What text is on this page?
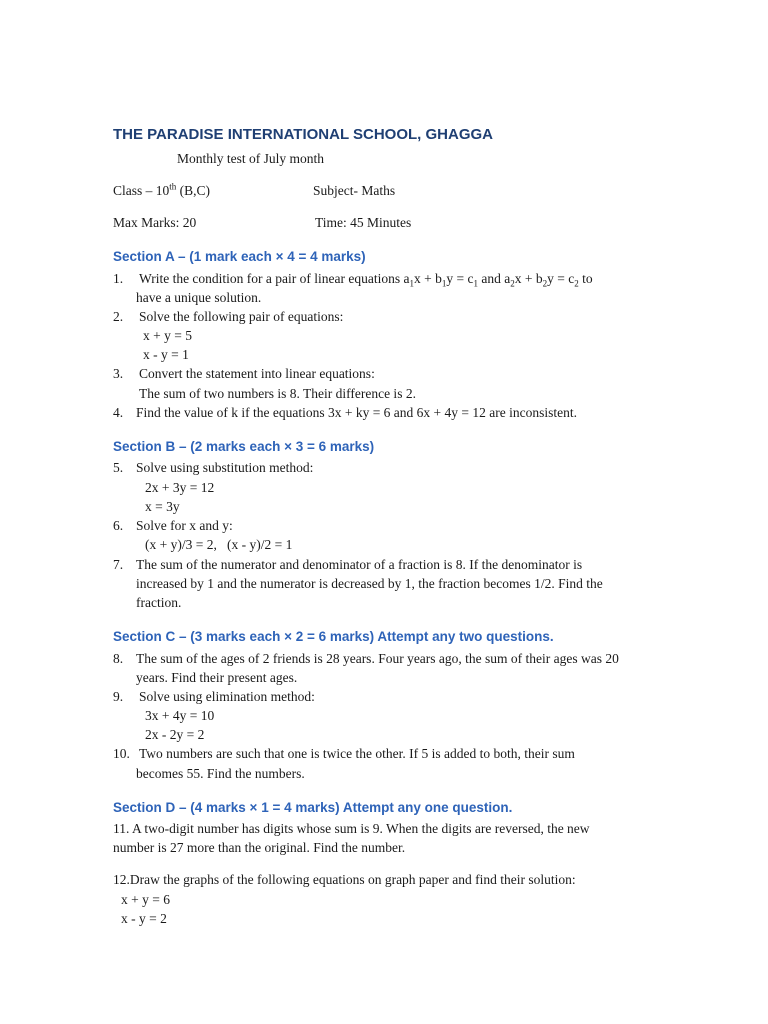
THE PARADISE INTERNATIONAL SCHOOL, GHAGGA
Monthly test of July month
Class – 10th (B,C)	Subject- Maths
Max Marks: 20	Time: 45 Minutes
Section A – (1 mark each × 4 = 4 marks)
1. Write the condition for a pair of linear equations $a_1x + b_1y = c_1$ and $a_2x + b_2y = c_2$ to
have a unique solution.
2. Solve the following pair of equations:
x + y = 5
x - y = 1
3. Convert the statement into linear equations:
The sum of two numbers is 8. Their difference is 2.
4. Find the value of k if the equations 3x + ky = 6 and 6x + 4y = 12 are inconsistent.
Section B – (2 marks each × 3 = 6 marks)
5. Solve using substitution method:
2x + 3y = 12
x = 3y
6. Solve for x and y:
(x + y)/3 = 2,   (x - y)/2 = 1
7. The sum of the numerator and denominator of a fraction is 8. If the denominator is
increased by 1 and the numerator is decreased by 1, the fraction becomes 1/2. Find the
fraction.
Section C – (3 marks each × 2 = 6 marks) Attempt any two questions.
8. The sum of the ages of 2 friends is 28 years. Four years ago, the sum of their ages was 20
years. Find their present ages.
9. Solve using elimination method:
3x + 4y = 10
2x - 2y = 2
10. Two numbers are such that one is twice the other. If 5 is added to both, their sum
becomes 55. Find the numbers.
Section D – (4 marks × 1 = 4 marks) Attempt any one question.
11. A two-digit number has digits whose sum is 9. When the digits are reversed, the new
number is 27 more than the original. Find the number.
12.Draw the graphs of the following equations on graph paper and find their solution:
x + y = 6
x - y = 2
